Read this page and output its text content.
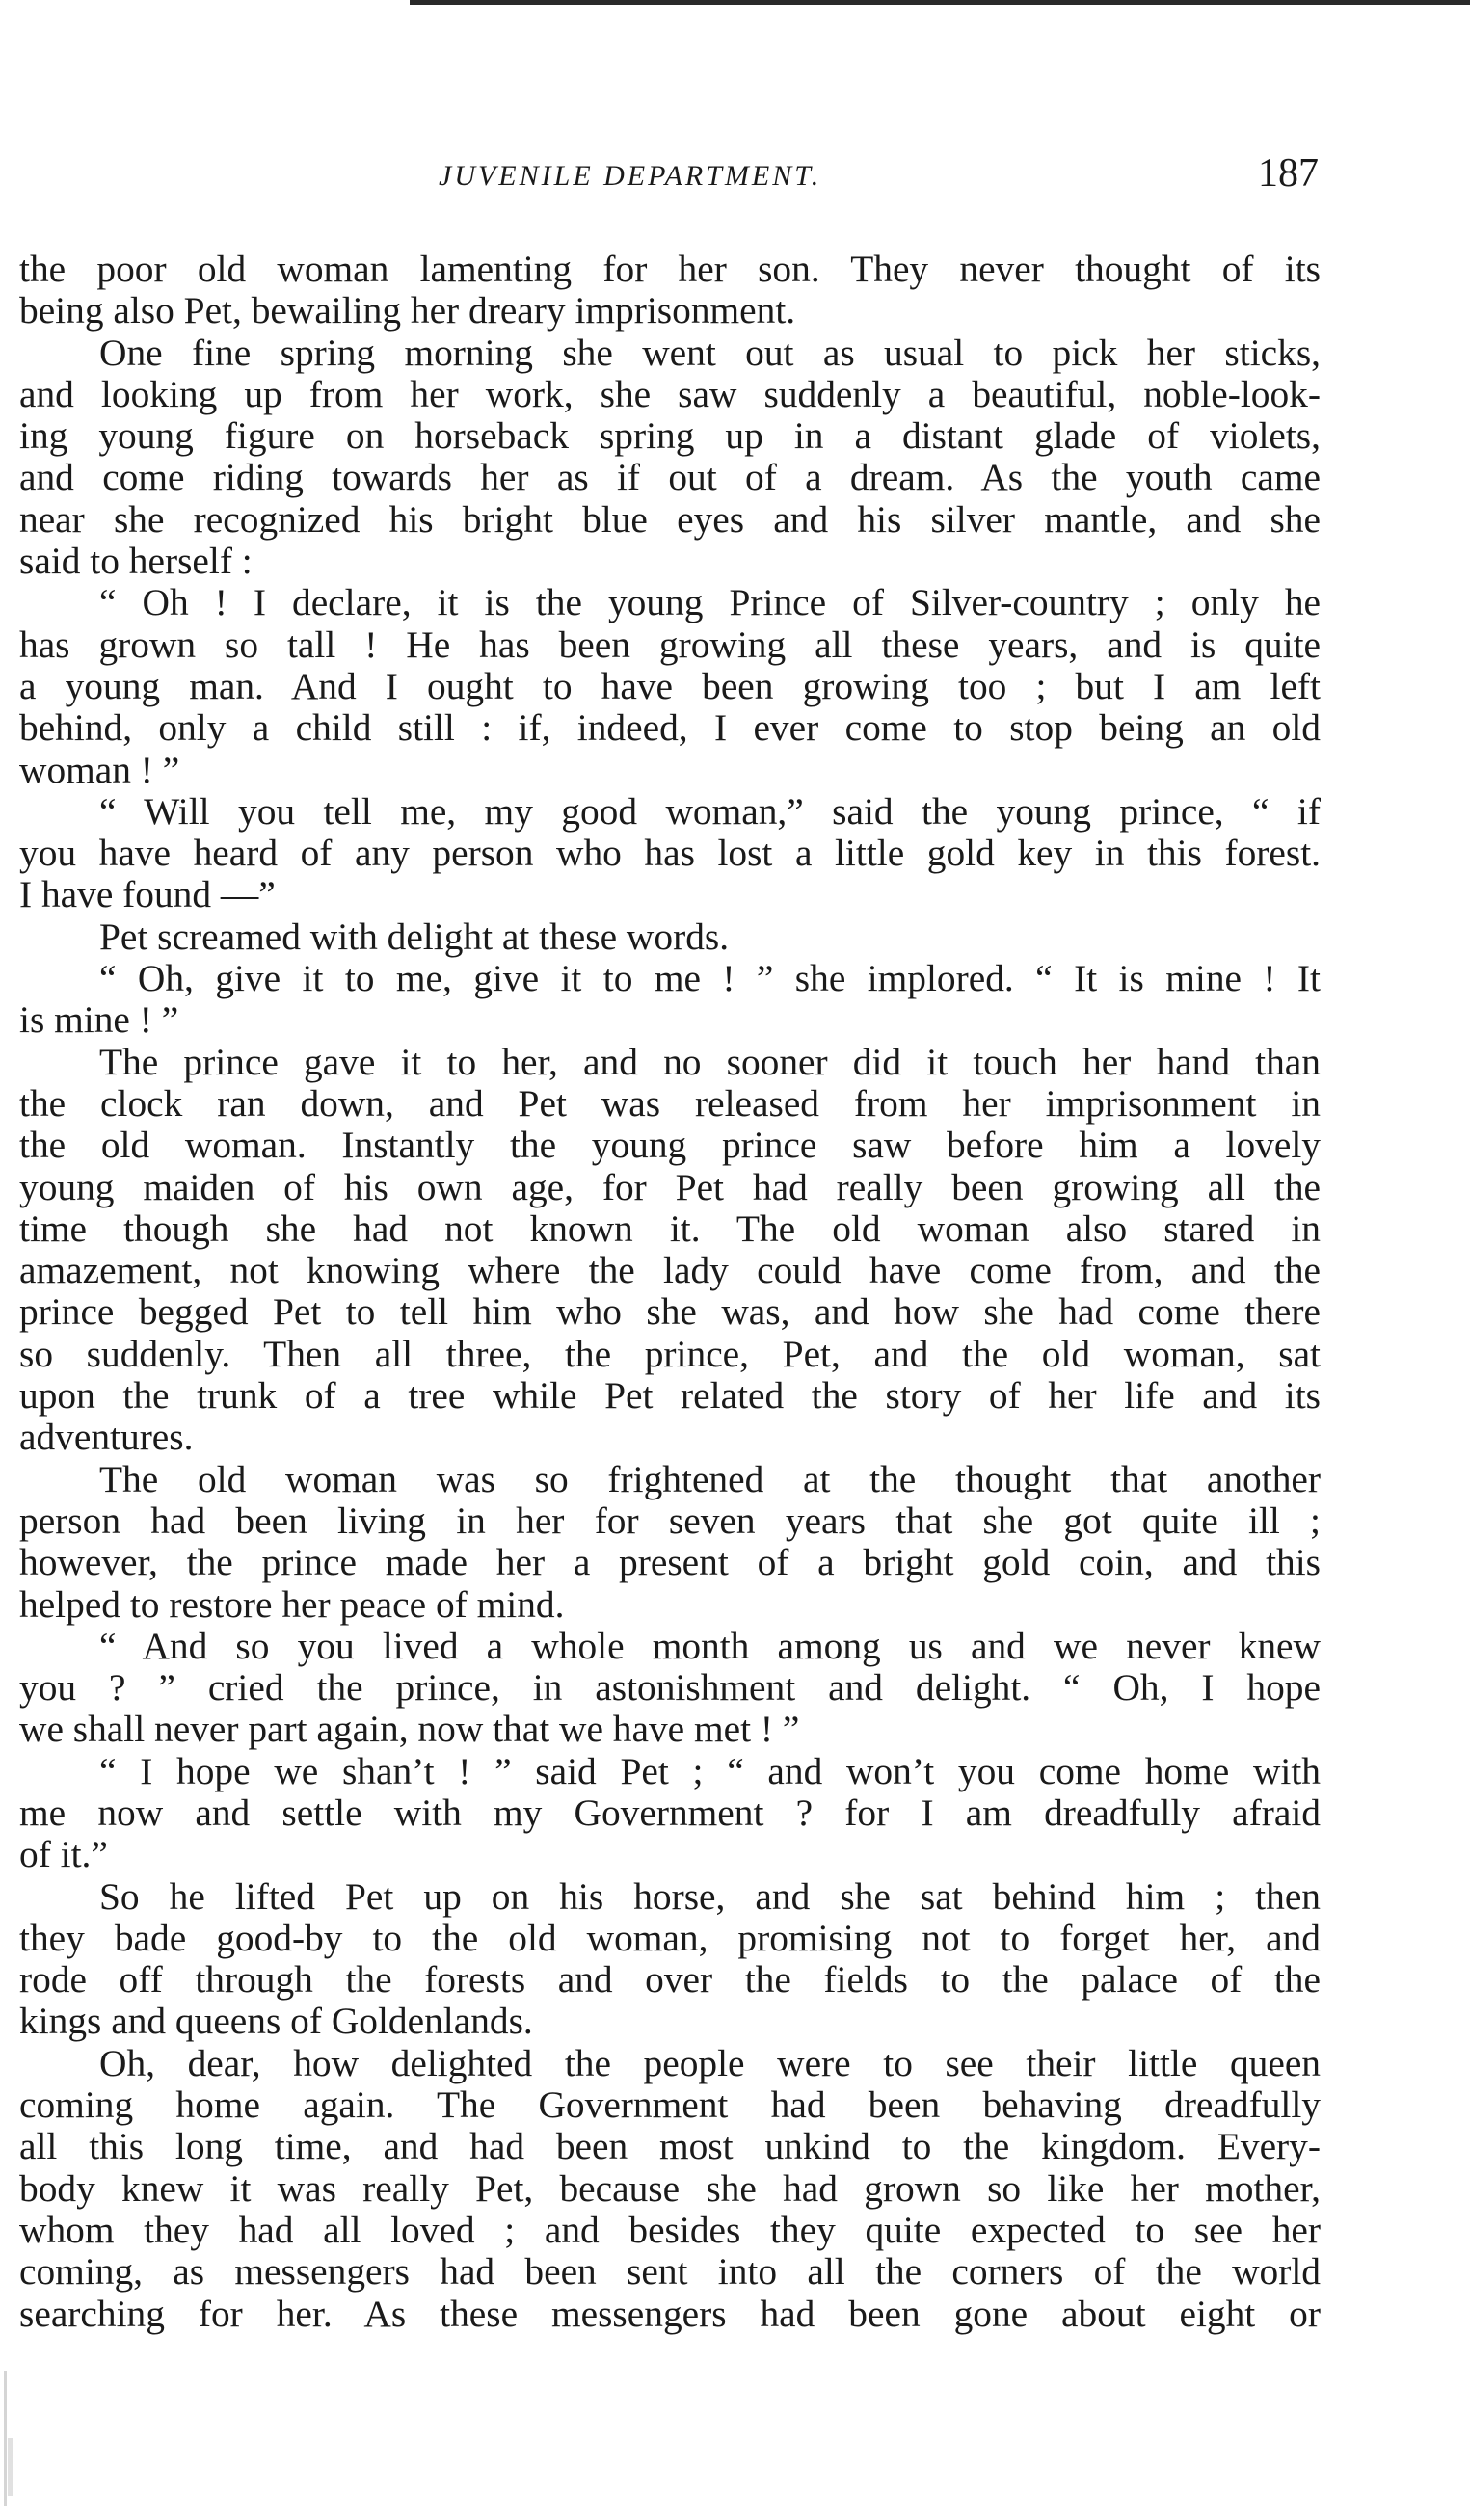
JUVENILE DEPARTMENT.	187
the poor old woman lamenting for her son. They never thought of its
being also Pet, bewailing her dreary imprisonment.
One fine spring morning she went out as usual to pick her sticks,
and looking up from her work, she saw suddenly a beautiful, noble-look-
ing young figure on horseback spring up in a distant glade of violets,
and come riding towards her as if out of a dream. As the youth came
near she recognized his bright blue eyes and his silver mantle, and she
said to herself :
“ Oh ! I declare, it is the young Prince of Silver-country ; only he
has grown so tall ! He has been growing all these years, and is quite
a young man. And I ought to have been growing too ; but I am left
behind, only a child still : if, indeed, I ever come to stop being an old
woman ! ”
“ Will you tell me, my good woman,” said the young prince, “ if
you have heard of any person who has lost a little gold key in this forest.
I have found —”
Pet screamed with delight at these words.
“ Oh, give it to me, give it to me ! ” she implored. “ It is mine ! It
is mine ! ”
The prince gave it to her, and no sooner did it touch her hand than
the clock ran down, and Pet was released from her imprisonment in
the old woman. Instantly the young prince saw before him a lovely
young maiden of his own age, for Pet had really been growing all the
time though she had not known it. The old woman also stared in
amazement, not knowing where the lady could have come from, and the
prince begged Pet to tell him who she was, and how she had come there
so suddenly. Then all three, the prince, Pet, and the old woman, sat
upon the trunk of a tree while Pet related the story of her life and its
adventures.
The old woman was so frightened at the thought that another
person had been living in her for seven years that she got quite ill ;
however, the prince made her a present of a bright gold coin, and this
helped to restore her peace of mind.
“ And so you lived a whole month among us and we never knew
you ? ” cried the prince, in astonishment and delight. “ Oh, I hope
we shall never part again, now that we have met ! ”
“ I hope we shan’t ! ” said Pet ; “ and won’t you come home with
me now and settle with my Government ? for I am dreadfully afraid
of it.”
So he lifted Pet up on his horse, and she sat behind him ; then
they bade good-by to the old woman, promising not to forget her, and
rode off through the forests and over the fields to the palace of the
kings and queens of Goldenlands.
Oh, dear, how delighted the people were to see their little queen
coming home again. The Government had been behaving dreadfully
all this long time, and had been most unkind to the kingdom. Every-
body knew it was really Pet, because she had grown so like her mother,
whom they had all loved ; and besides they quite expected to see her
coming, as messengers had been sent into all the corners of the world
searching for her. As these messengers had been gone about eight or
